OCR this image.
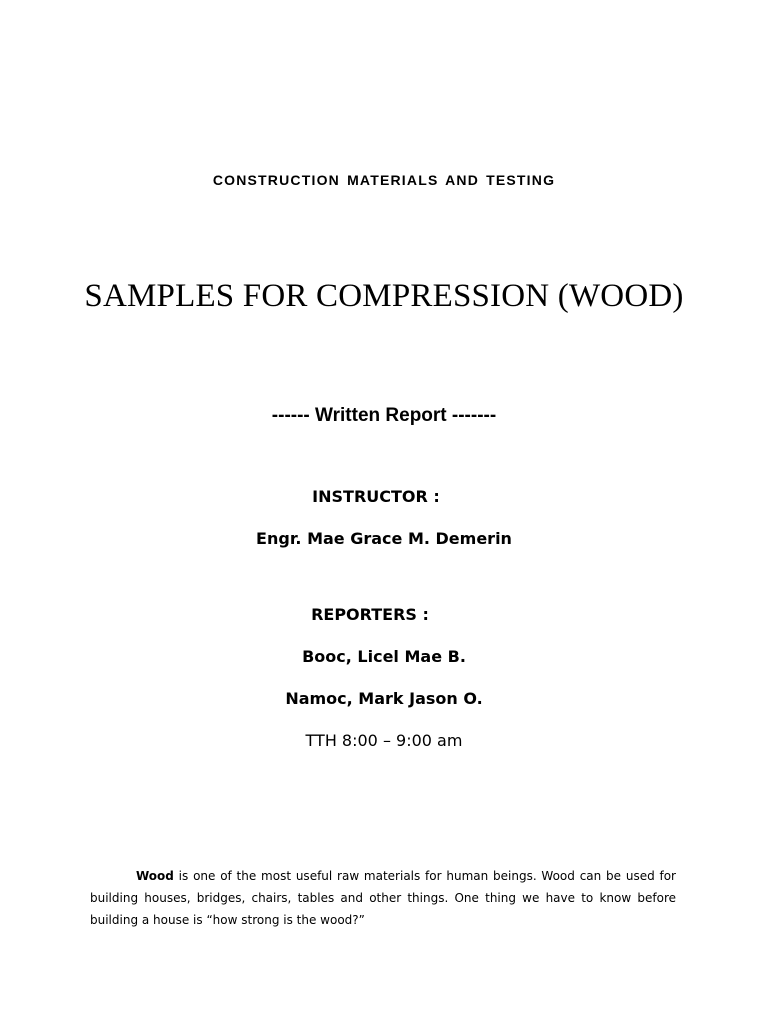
CONSTRUCTION MATERIALS AND TESTING
SAMPLES FOR COMPRESSION (WOOD)
------ Written Report -------
INSTRUCTOR :
Engr. Mae Grace M. Demerin
REPORTERS :
Booc, Licel Mae B.
Namoc, Mark Jason O.
TTH 8:00 – 9:00 am

Wood is one of the most useful raw materials for human beings. Wood can be used for building houses, bridges, chairs, tables and other things. One thing we have to know before building a house is “how strong is the wood?”
